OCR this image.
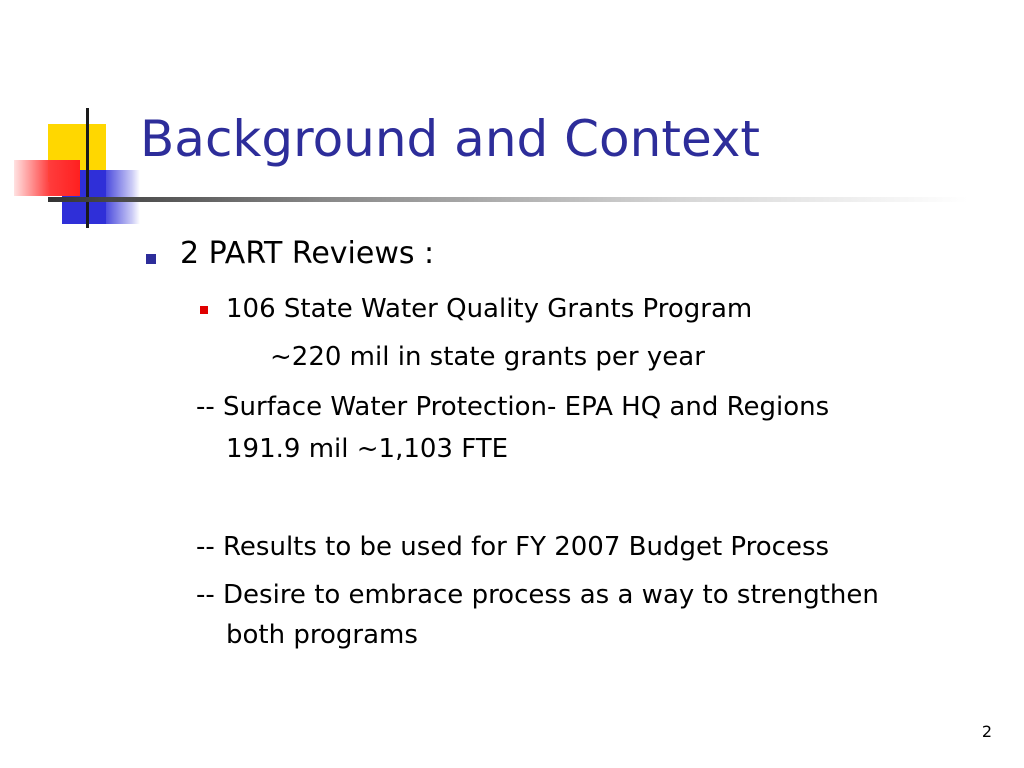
Background and Context
2 PART Reviews :
106 State Water Quality Grants Program
~220 mil in state grants per year
-- Surface Water Protection- EPA HQ and Regions
191.9 mil ~1,103 FTE
-- Results to be used for FY 2007 Budget Process
-- Desire to embrace process as a way to strengthen
both programs
2
